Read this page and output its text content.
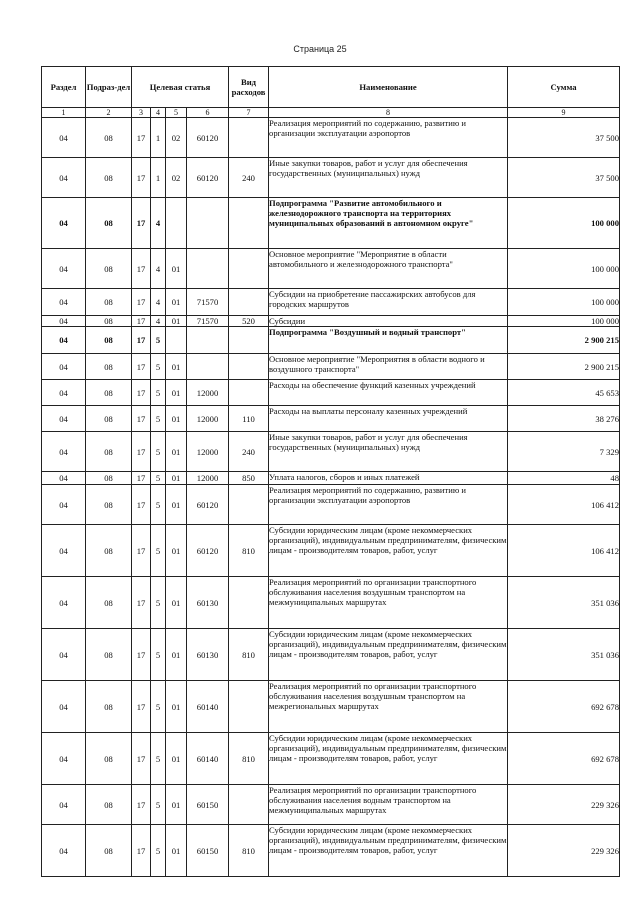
Страница 25
Раздел	Подраз-дел	Целевая статья				Вид расходов	Наименование	Сумма
1	2	3	4	5	6	7	8	9
04	08	17	1	02	60120		Реализация мероприятий по содержанию, развитию и организации эксплуатации аэропортов	37 500
04	08	17	1	02	60120	240	Иные закупки товаров, работ и услуг для обеспечения государственных (муниципальных) нужд	37 500
04	08	17	4				Подпрограмма "Развитие автомобильного и железнодорожного транспорта на территориях муниципальных образований в автономном округе"	100 000
04	08	17	4	01			Основное мероприятие "Мероприятие в области автомобильного и железнодорожного транспорта"	100 000
04	08	17	4	01	71570		Субсидии на приобретение пассажирских автобусов для городских маршрутов	100 000
04	08	17	4	01	71570	520	Субсидии	100 000
04	08	17	5				Подпрограмма "Воздушный и водный транспорт"	2 900 215
04	08	17	5	01			Основное мероприятие "Мероприятия в области водного и воздушного транспорта"	2 900 215
04	08	17	5	01	12000		Расходы на обеспечение функций казенных учреждений	45 653
04	08	17	5	01	12000	110	Расходы на выплаты персоналу казенных учреждений	38 276
04	08	17	5	01	12000	240	Иные закупки товаров, работ и услуг для обеспечения государственных (муниципальных) нужд	7 329
04	08	17	5	01	12000	850	Уплата налогов, сборов и иных платежей	48
04	08	17	5	01	60120		Реализация мероприятий по содержанию, развитию и организации эксплуатации аэропортов	106 412
04	08	17	5	01	60120	810	Субсидии юридическим лицам (кроме некоммерческих организаций), индивидуальным предпринимателям, физическим лицам - производителям товаров, работ, услуг	106 412
04	08	17	5	01	60130		Реализация мероприятий по организации транспортного обслуживания населения воздушным транспортом на межмуниципальных маршрутах	351 036
04	08	17	5	01	60130	810	Субсидии юридическим лицам (кроме некоммерческих организаций), индивидуальным предпринимателям, физическим лицам - производителям товаров, работ, услуг	351 036
04	08	17	5	01	60140		Реализация мероприятий по организации транспортного обслуживания населения воздушным транспортом на межрегиональных маршрутах	692 678
04	08	17	5	01	60140	810	Субсидии юридическим лицам (кроме некоммерческих организаций), индивидуальным предпринимателям, физическим лицам - производителям товаров, работ, услуг	692 678
04	08	17	5	01	60150		Реализация мероприятий по организации транспортного обслуживания населения водным транспортом на межмуниципальных маршрутах	229 326
04	08	17	5	01	60150	810	Субсидии юридическим лицам (кроме некоммерческих организаций), индивидуальным предпринимателям, физическим лицам - производителям товаров, работ, услуг	229 326
